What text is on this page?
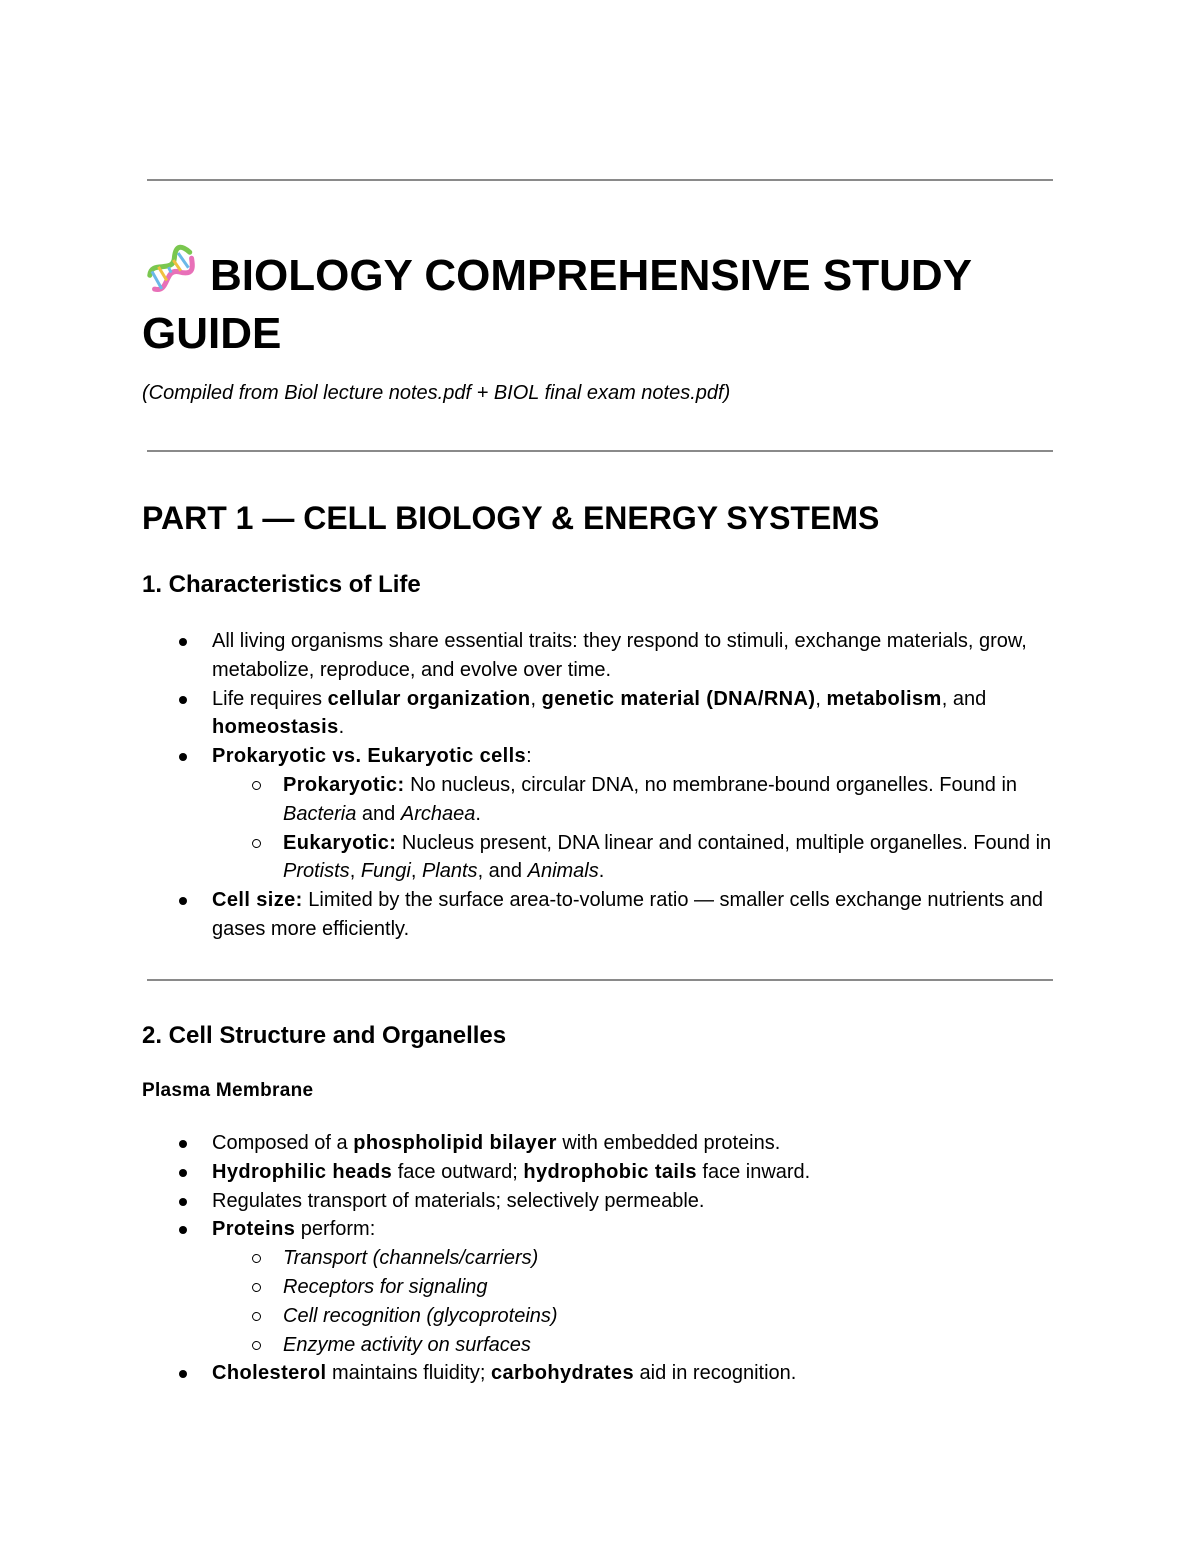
BIOLOGY COMPREHENSIVE STUDY GUIDE
(Compiled from Biol lecture notes.pdf + BIOL final exam notes.pdf)
PART 1 — CELL BIOLOGY & ENERGY SYSTEMS
1. Characteristics of Life
All living organisms share essential traits: they respond to stimuli, exchange materials, grow, metabolize, reproduce, and evolve over time.
Life requires cellular organization, genetic material (DNA/RNA), metabolism, and homeostasis.
Prokaryotic vs. Eukaryotic cells:
Prokaryotic: No nucleus, circular DNA, no membrane-bound organelles. Found in Bacteria and Archaea.
Eukaryotic: Nucleus present, DNA linear and contained, multiple organelles. Found in Protists, Fungi, Plants, and Animals.
Cell size: Limited by the surface area-to-volume ratio — smaller cells exchange nutrients and gases more efficiently.
2. Cell Structure and Organelles
Plasma Membrane
Composed of a phospholipid bilayer with embedded proteins.
Hydrophilic heads face outward; hydrophobic tails face inward.
Regulates transport of materials; selectively permeable.
Proteins perform:
Transport (channels/carriers)
Receptors for signaling
Cell recognition (glycoproteins)
Enzyme activity on surfaces
Cholesterol maintains fluidity; carbohydrates aid in recognition.
